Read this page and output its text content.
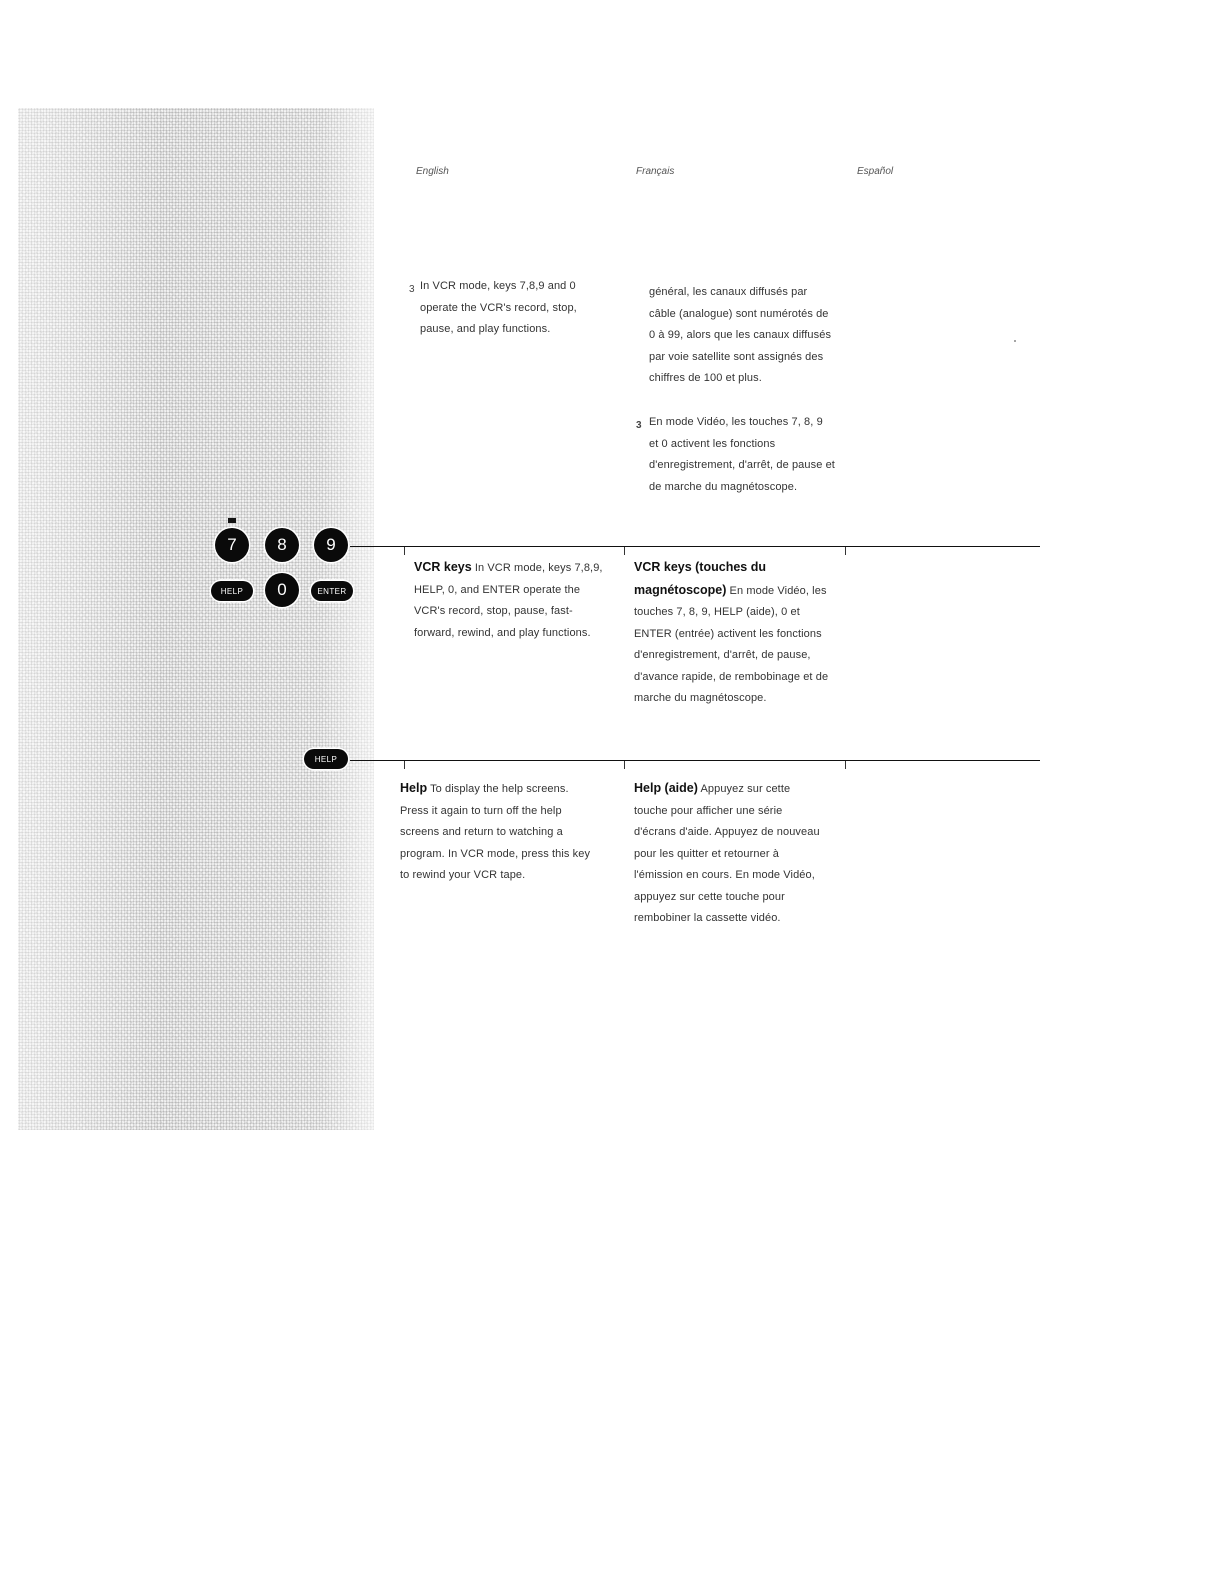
English	Français	Español
3 In VCR mode, keys 7,8,9 and 0 operate the VCR's record, stop, pause, and play functions.
général, les canaux diffusés par câble (analogue) sont numérotés de 0 à 99, alors que les canaux diffusés par voie satellite sont assignés des chiffres de 100 et plus.
3 En mode Vidéo, les touches 7, 8, 9 et 0 activent les fonctions d'enregistrement, d'arrêt, de pause et de marche du magnétoscope.
7	8	9
HELP	0	ENTER
VCR keys In VCR mode, keys 7,8,9, HELP, 0, and ENTER operate the VCR's record, stop, pause, fast-forward, rewind, and play functions.
VCR keys (touches du magnétoscope) En mode Vidéo, les touches 7, 8, 9, HELP (aide), 0 et ENTER (entrée) activent les fonctions d'enregistrement, d'arrêt, de pause, d'avance rapide, de rembobinage et de marche du magnétoscope.
HELP
Help To display the help screens. Press it again to turn off the help screens and return to watching a program. In VCR mode, press this key to rewind your VCR tape.
Help (aide) Appuyez sur cette touche pour afficher une série d'écrans d'aide. Appuyez de nouveau pour les quitter et retourner à l'émission en cours. En mode Vidéo, appuyez sur cette touche pour rembobiner la cassette vidéo.
